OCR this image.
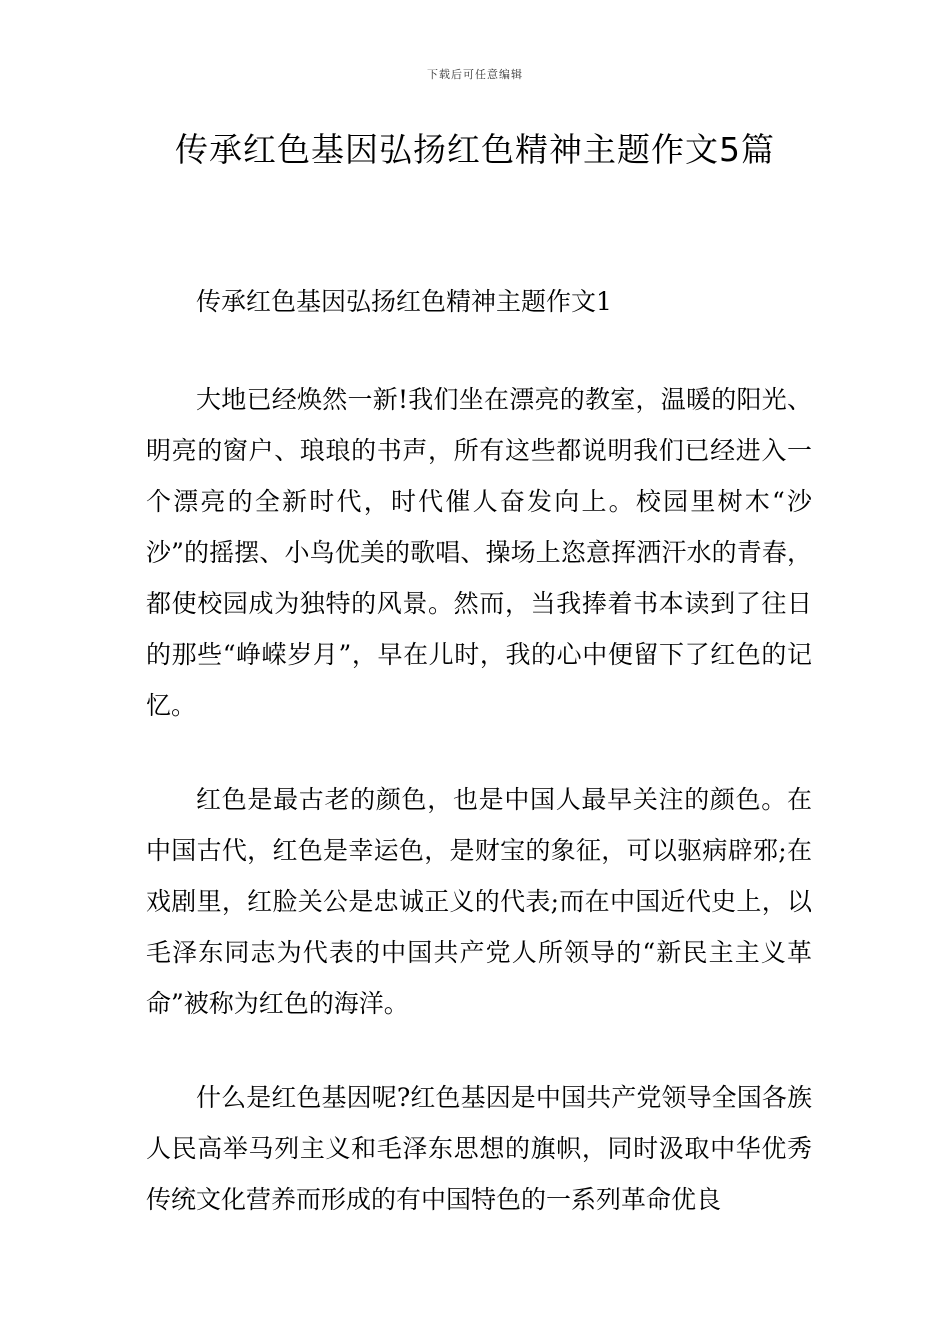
下载后可任意编辑
传承红色基因弘扬红色精神主题作文5篇
传承红色基因弘扬红色精神主题作文1

大地已经焕然一新!我们坐在漂亮的教室，温暖的阳光、明亮的窗户、琅琅的书声，所有这些都说明我们已经进入一个漂亮的全新时代，时代催人奋发向上。校园里树木“沙沙”的摇摆、小鸟优美的歌唱、操场上恣意挥洒汗水的青春，都使校园成为独特的风景。然而，当我捧着书本读到了往日的那些“峥嵘岁月”，早在儿时，我的心中便留下了红色的记忆。

红色是最古老的颜色，也是中国人最早关注的颜色。在中国古代，红色是幸运色，是财宝的象征，可以驱病辟邪;在戏剧里，红脸关公是忠诚正义的代表;而在中国近代史上，以毛泽东同志为代表的中国共产党人所领导的“新民主主义革命”被称为红色的海洋。

什么是红色基因呢?红色基因是中国共产党领导全国各族人民高举马列主义和毛泽东思想的旗帜，同时汲取中华优秀传统文化营养而形成的有中国特色的一系列革命优良
